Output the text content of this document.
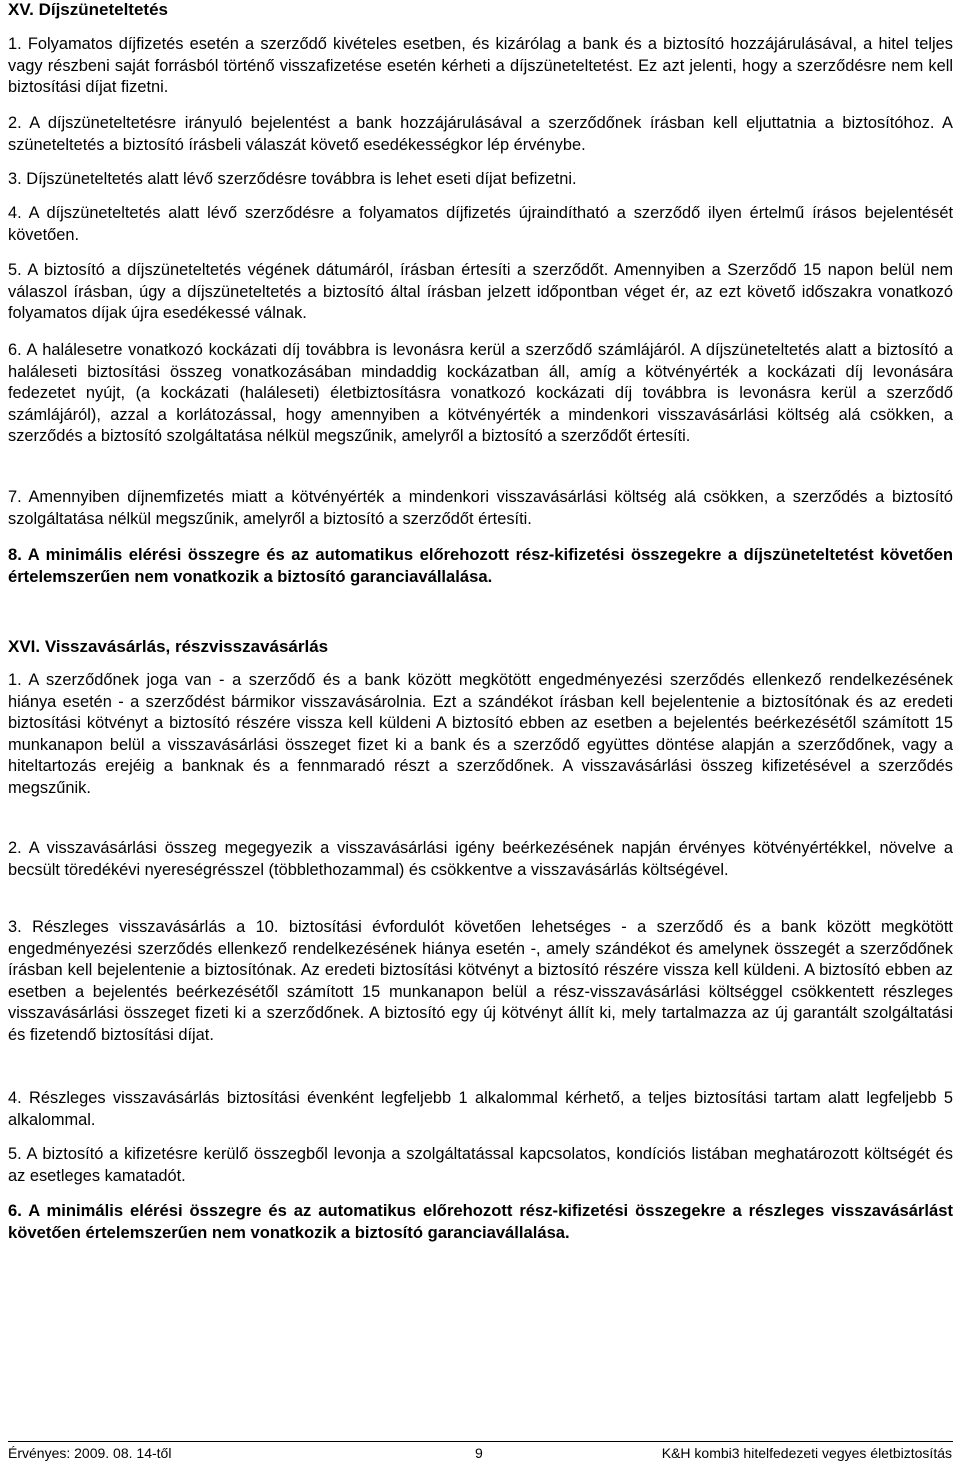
XV. Díjszüneteltetés

1. Folyamatos díjfizetés esetén a szerződő kivételes esetben, és kizárólag a bank és a biztosító hozzájárulásával, a hitel teljes vagy részbeni saját forrásból történő visszafizetése esetén kérheti a díjszüneteltetést. Ez azt jelenti, hogy a szerződésre nem kell biztosítási díjat fizetni.

2. A díjszüneteltetésre irányuló bejelentést a bank hozzájárulásával a szerződőnek írásban kell eljuttatnia a biztosítóhoz. A szüneteltetés a biztosító írásbeli válaszát követő esedékességkor lép érvénybe.

3. Díjszüneteltetés alatt lévő szerződésre továbbra is lehet eseti díjat befizetni.

4. A díjszüneteltetés alatt lévő szerződésre a folyamatos díjfizetés újraindítható a szerződő ilyen értelmű írásos bejelentését követően.

5. A biztosító a díjszüneteltetés végének dátumáról, írásban értesíti a szerződőt. Amennyiben a Szerződő 15 napon belül nem válaszol írásban, úgy a díjszüneteltetés a biztosító által írásban jelzett időpontban véget ér, az ezt követő időszakra vonatkozó folyamatos díjak újra esedékessé válnak.

6. A halálesetre vonatkozó kockázati díj továbbra is levonásra kerül a szerződő számlájáról. A díjszüneteltetés alatt a biztosító a haláleseti biztosítási összeg vonatkozásában mindaddig kockázatban áll, amíg a kötvényérték a kockázati díj levonására fedezetet nyújt, (a kockázati (haláleseti) életbiztosításra vonatkozó kockázati díj továbbra is levonásra kerül a szerződő számlájáról), azzal a korlátozással, hogy amennyiben a kötvényérték a mindenkori visszavásárlási költség alá csökken, a szerződés a biztosító szolgáltatása nélkül megszűnik, amelyről a biztosító a szerződőt értesíti.

7. Amennyiben díjnemfizetés miatt a kötvényérték a mindenkori visszavásárlási költség alá csökken, a szerződés a biztosító szolgáltatása nélkül megszűnik, amelyről a biztosító a szerződőt értesíti.

8. A minimális elérési összegre és az automatikus előrehozott rész-kifizetési összegekre a díjszüneteltetést követően értelemszerűen nem vonatkozik a biztosító garanciavállalása.

XVI. Visszavásárlás, részvisszavásárlás

1. A szerződőnek joga van - a szerződő és a bank között megkötött engedményezési szerződés ellenkező rendelkezésének hiánya esetén - a szerződést bármikor visszavásárolnia. Ezt a szándékot írásban kell bejelentenie a biztosítónak és az eredeti biztosítási kötvényt a biztosító részére vissza kell küldeni A biztosító ebben az esetben a bejelentés beérkezésétől számított 15 munkanapon belül a visszavásárlási összeget fizet ki a bank és a szerződő együttes döntése alapján a szerződőnek, vagy a hiteltartozás erejéig a banknak és a fennmaradó részt a szerződőnek. A visszavásárlási összeg kifizetésével a szerződés megszűnik.

2. A visszavásárlási összeg megegyezik a visszavásárlási igény beérkezésének napján érvényes kötvényértékkel, növelve a becsült töredékévi nyereségrésszel (többlethozammal) és csökkentve a visszavásárlás költségével.

3. Részleges visszavásárlás a 10. biztosítási évfordulót követően lehetséges - a szerződő és a bank között megkötött engedményezési szerződés ellenkező rendelkezésének hiánya esetén -, amely szándékot és amelynek összegét a szerződőnek írásban kell bejelentenie a biztosítónak. Az eredeti biztosítási kötvényt a biztosító részére vissza kell küldeni. A biztosító ebben az esetben a bejelentés beérkezésétől számított 15 munkanapon belül a rész-visszavásárlási költséggel csökkentett részleges visszavásárlási összeget fizeti ki a szerződőnek. A biztosító egy új kötvényt állít ki, mely tartalmazza az új garantált szolgáltatási és fizetendő biztosítási díjat.

4. Részleges visszavásárlás biztosítási évenként legfeljebb 1 alkalommal kérhető, a teljes biztosítási tartam alatt legfeljebb 5 alkalommal.

5. A biztosító a kifizetésre kerülő összegből levonja a szolgáltatással kapcsolatos, kondíciós listában meghatározott költségét és az esetleges kamatadót.

6. A minimális elérési összegre és az automatikus előrehozott rész-kifizetési összegekre a részleges visszavásárlást követően értelemszerűen nem vonatkozik a biztosító garanciavállalása.

Érvényes: 2009. 08. 14-től	9	K&H kombi3 hitelfedezeti vegyes életbiztosítás
